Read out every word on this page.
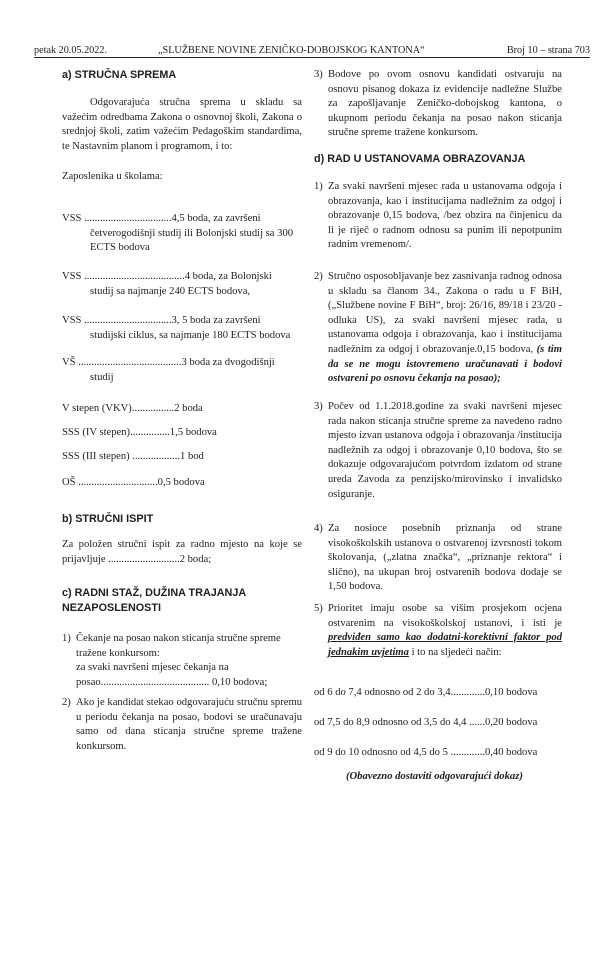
petak 20.05.2022.	„SLUŽBENE NOVINE ZENIČKO-DOBOJSKOG KANTONA“	Broj 10 – strana 703
a) STRUČNA SPREMA
Odgovarajuća stručna sprema u skladu sa važećim odredbama Zakona o osnovnoj školi, Zakona o srednjoj školi, zatim važećim Pedagoškim standardima, te Nastavnim planom i programom, i to:
Zaposlenika u školama:
VSS .................................4,5 boda, za završeni
četverogodišnji studij ili Bolonjski studij sa 300
ECTS bodova
VSS ......................................4 boda, za Bolonjski
studij sa najmanje 240 ECTS bodova,
VSS .................................3, 5 boda za završeni
studijski ciklus, sa najmanje 180 ECTS bodova
VŠ .......................................3 boda za dvogodišnji
studij
V stepen (VKV)................2 boda
SSS (IV stepen)...............1,5 bodova
SSS (III stepen) ..................1 bod
OŠ ..............................0,5 bodova
b) STRUČNI ISPIT
Za položen stručni ispit za radno mjesto na koje se prijavljuje ...........................2 boda;
c) RADNI STAŽ, DUŽINA TRAJANJA NEZAPOSLENOSTI
1) Čekanje na posao nakon sticanja stručne spreme
tražene konkursom:
za svaki navršeni mjesec čekanja na
posao......................................... 0,10 bodova;
2) Ako je kandidat stekao odgovarajuću stručnu spremu u periodu čekanja na posao, bodovi se uračunavaju samo od dana sticanja stručne spreme tražene konkursom.
3) Bodove po ovom osnovu kandidati ostvaruju na osnovu pisanog dokaza iz evidencije nadležne Službe za zapošljavanje Zeničko-dobojskog kantona, o ukupnom periodu čekanja na posao nakon sticanja stručne spreme tražene konkursom.
d) RAD U USTANOVAMA OBRAZOVANJA
1) Za svaki navršeni mjesec rada u ustanovama odgoja i obrazovanja, kao i institucijama nadležnim za odgoj i obrazovanje 0,15 bodova, /bez obzira na činjenicu da li je riječ o radnom odnosu sa punim ili nepotpunim radnim vremenom/.
2) Stručno osposobljavanje bez zasnivanja radnog odnosa u skladu sa članom 34., Zakona o radu u F BiH, („Službene novine F BiH“, broj: 26/16, 89/18 i 23/20 - odluka US), za svaki navršeni mjesec rada, u ustanovama odgoja i obrazovanja, kao i institucijama nadležnim za odgoj i obrazovanje.0,15 bodova, (s tim da se ne mogu istovremeno uračunavati i bodovi ostvareni po osnovu čekanja na posao);
3) Počev od 1.1.2018.godine za svaki navršeni mjesec rada nakon sticanja stručne spreme za navedeno radno mjesto izvan ustanova odgoja i obrazovanja /institucija nadležnih za odgoj i obrazovanje 0,10 bodova, što se dokazuje odgovarajućom potvrdom izdatom od strane ureda Zavoda za penzijsko/mirovinsko i invalidsko osiguranje.
4) Za nosioce posebnih priznanja od strane visokoškolskih ustanova o ostvarenoj izvrsnosti tokom školovanja, („zlatna značka“, „priznanje rektora“ i slično), na ukupan broj ostvarenih bodova dodaje se 1,50 bodova.
5) Prioritet imaju osobe sa višim prosjekom ocjena ostvarenim na visokoškolskoj ustanovi, i isti je predviđen samo kao dodatni-korektivni faktor pod jednakim uvjetima i to na sljedeći način:
od 6 do 7,4 odnosno od 2 do 3,4.............0,10 bodova
od 7,5 do 8,9 odnosno od 3,5 do 4,4 ......0,20 bodova
od 9 do 10 odnosno od 4,5 do 5 .............0,40 bodova
(Obavezno dostaviti odgovarajući dokaz)
